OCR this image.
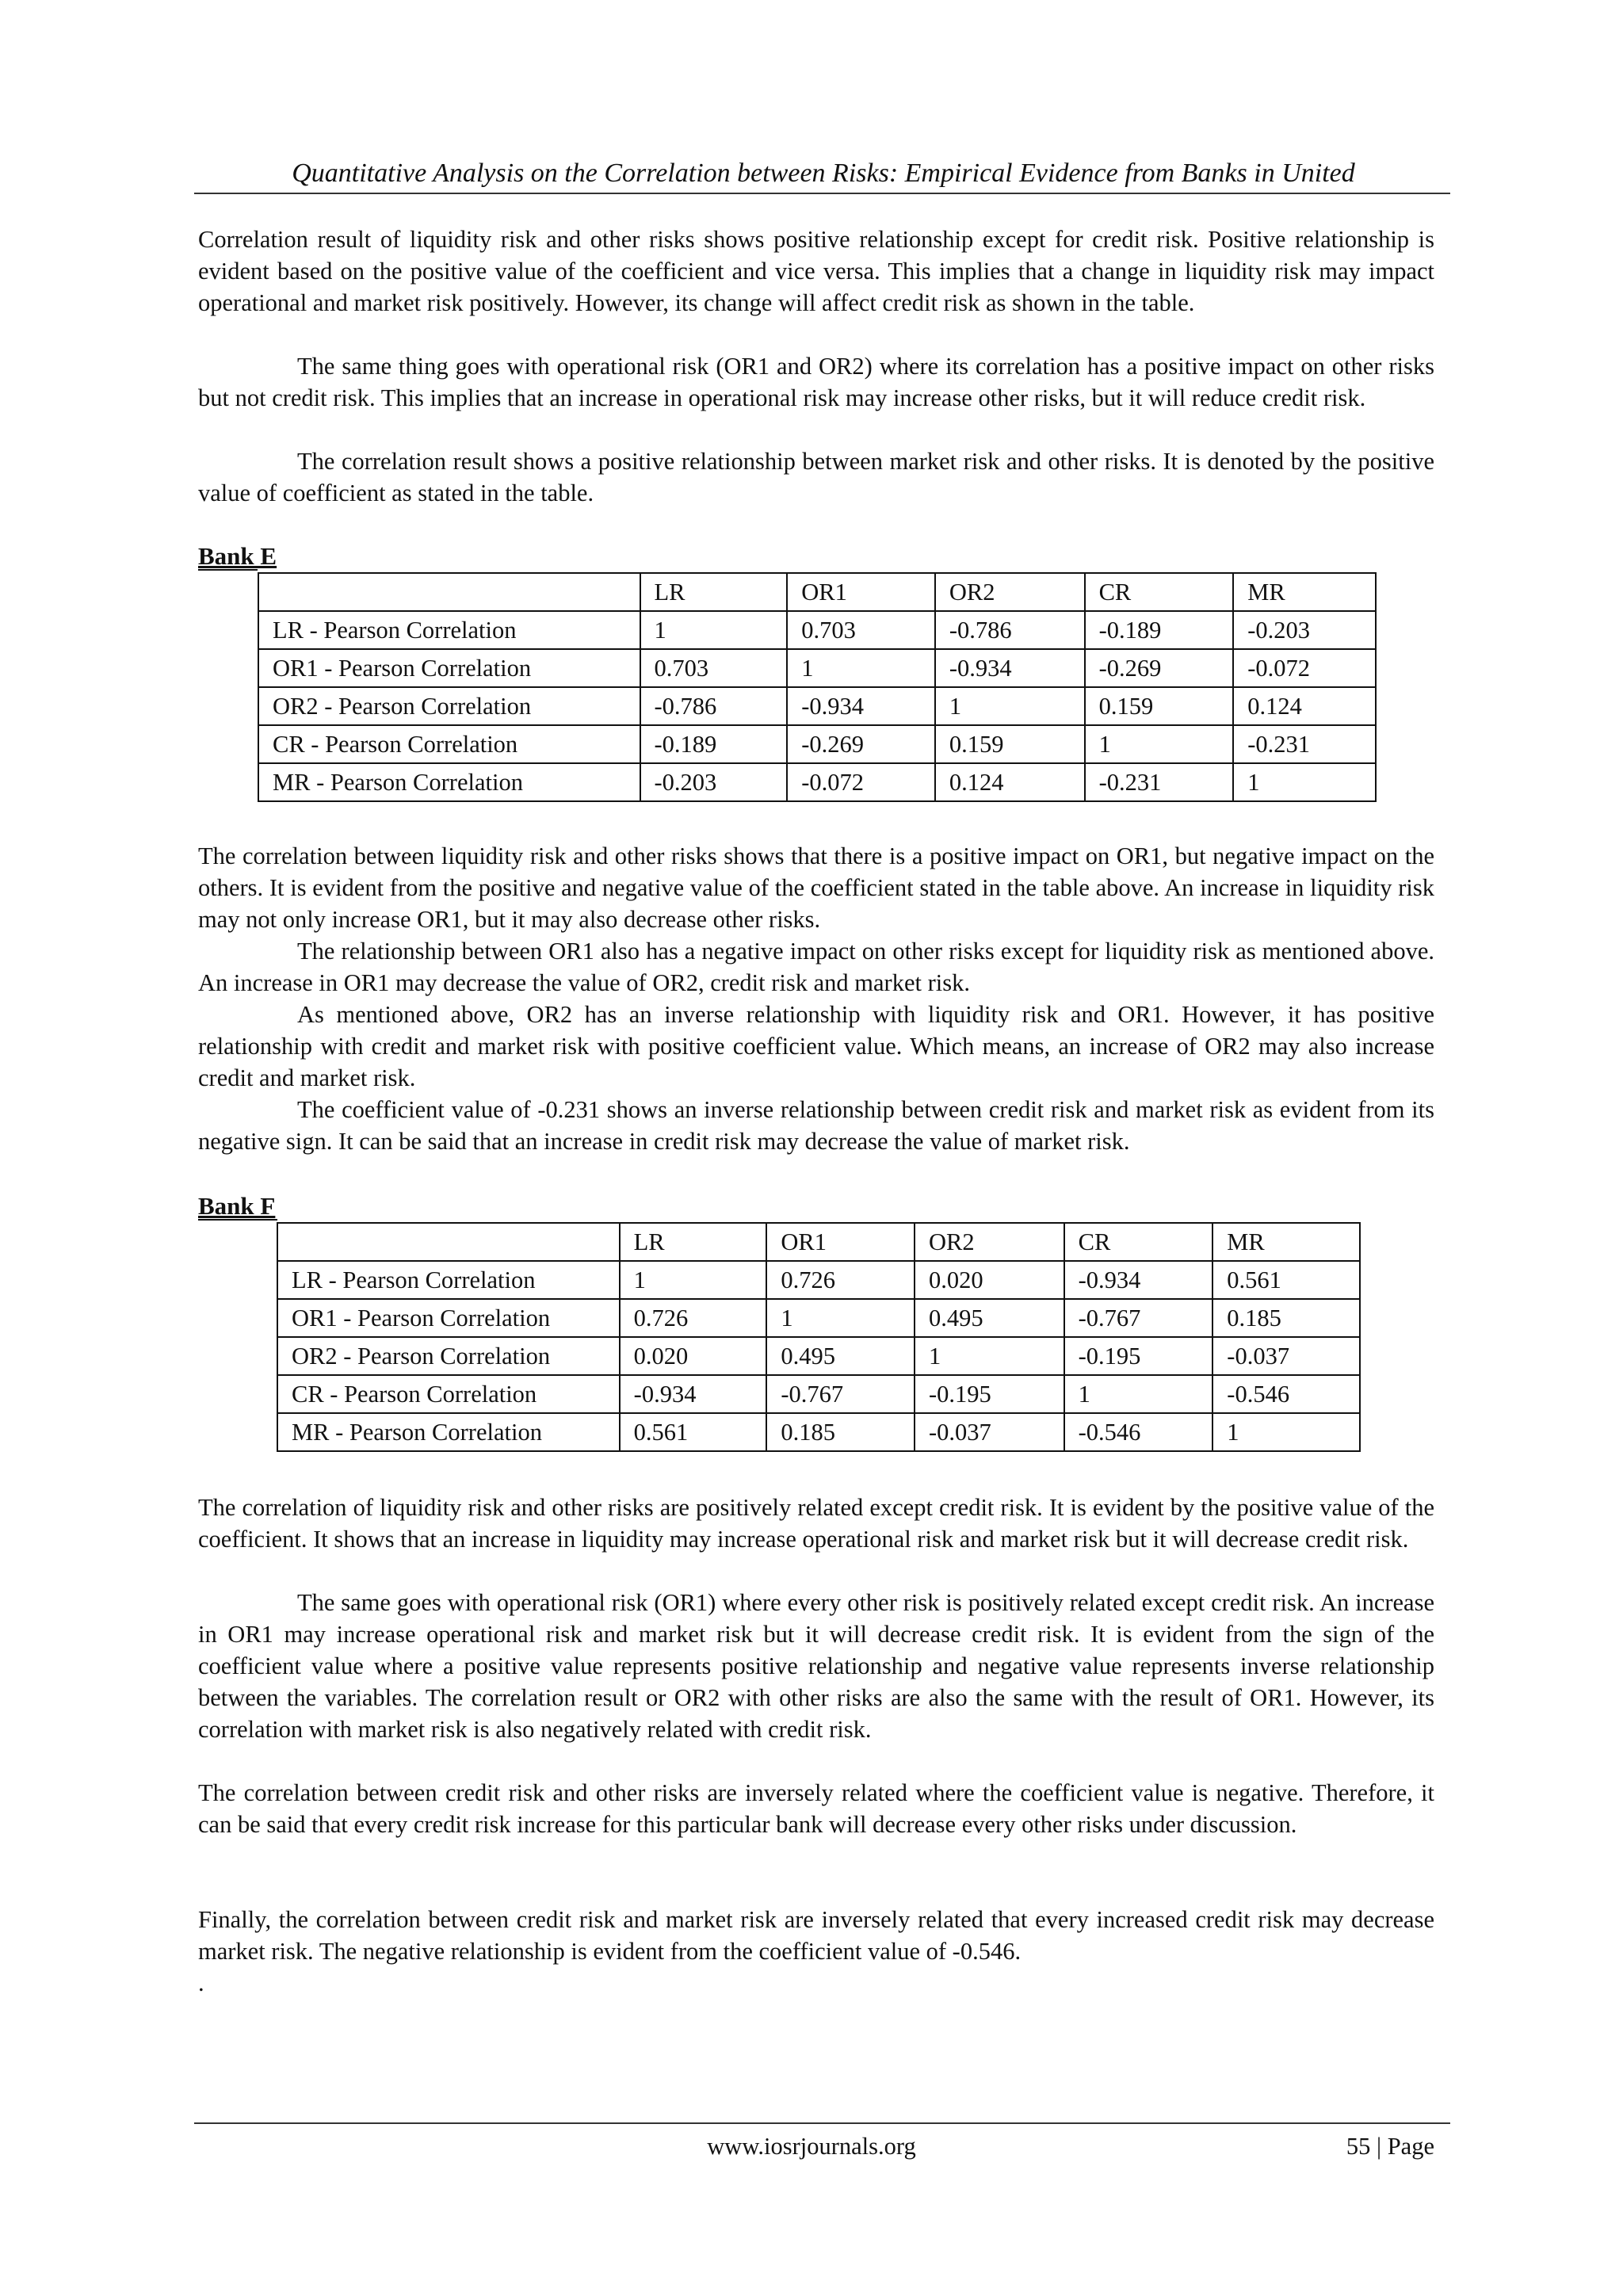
Quantitative Analysis on the Correlation between Risks: Empirical Evidence from Banks in United

Correlation result of liquidity risk and other risks shows positive relationship except for credit risk. Positive relationship is evident based on the positive value of the coefficient and vice versa. This implies that a change in liquidity risk may impact operational and market risk positively. However, its change will affect credit risk as shown in the table.

The same thing goes with operational risk (OR1 and OR2) where its correlation has a positive impact on other risks but not credit risk. This implies that an increase in operational risk may increase other risks, but it will reduce credit risk.

The correlation result shows a positive relationship between market risk and other risks. It is denoted by the positive value of coefficient as stated in the table.

Bank E
	LR	OR1	OR2	CR	MR
LR - Pearson Correlation	1	0.703	-0.786	-0.189	-0.203
OR1 - Pearson Correlation	0.703	1	-0.934	-0.269	-0.072
OR2 - Pearson Correlation	-0.786	-0.934	1	0.159	0.124
CR - Pearson Correlation	-0.189	-0.269	0.159	1	-0.231
MR - Pearson Correlation	-0.203	-0.072	0.124	-0.231	1

The correlation between liquidity risk and other risks shows that there is a positive impact on OR1, but negative impact on the others. It is evident from the positive and negative value of the coefficient stated in the table above. An increase in liquidity risk may not only increase OR1, but it may also decrease other risks.

The relationship between OR1 also has a negative impact on other risks except for liquidity risk as mentioned above. An increase in OR1 may decrease the value of OR2, credit risk and market risk.

As mentioned above, OR2 has an inverse relationship with liquidity risk and OR1. However, it has positive relationship with credit and market risk with positive coefficient value. Which means, an increase of OR2 may also increase credit and market risk.

The coefficient value of -0.231 shows an inverse relationship between credit risk and market risk as evident from its negative sign. It can be said that an increase in credit risk may decrease the value of market risk.

Bank F
	LR	OR1	OR2	CR	MR
LR - Pearson Correlation	1	0.726	0.020	-0.934	0.561
OR1 - Pearson Correlation	0.726	1	0.495	-0.767	0.185
OR2 - Pearson Correlation	0.020	0.495	1	-0.195	-0.037
CR - Pearson Correlation	-0.934	-0.767	-0.195	1	-0.546
MR - Pearson Correlation	0.561	0.185	-0.037	-0.546	1

The correlation of liquidity risk and other risks are positively related except credit risk. It is evident by the positive value of the coefficient. It shows that an increase in liquidity may increase operational risk and market risk but it will decrease credit risk.

The same goes with operational risk (OR1) where every other risk is positively related except credit risk. An increase in OR1 may increase operational risk and market risk but it will decrease credit risk. It is evident from the sign of the coefficient value where a positive value represents positive relationship and negative value represents inverse relationship between the variables. The correlation result or OR2 with other risks are also the same with the result of OR1. However, its correlation with market risk is also negatively related with credit risk.

The correlation between credit risk and other risks are inversely related where the coefficient value is negative. Therefore, it can be said that every credit risk increase for this particular bank will decrease every other risks under discussion.

Finally, the correlation between credit risk and market risk are inversely related that every increased credit risk may decrease market risk. The negative relationship is evident from the coefficient value of -0.546.

.

www.iosrjournals.org	55 | Page
